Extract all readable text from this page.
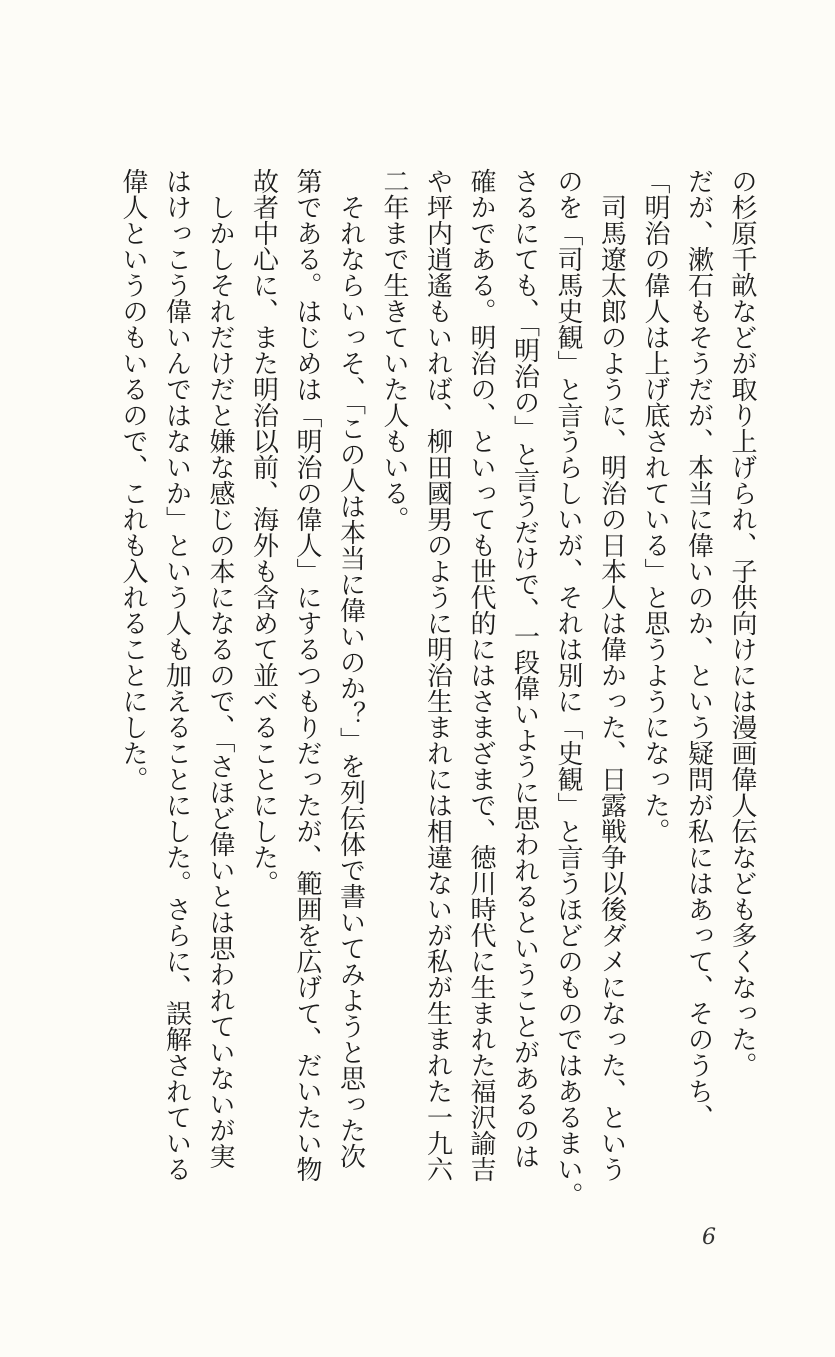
の杉原千畝などが取り上げられ、子供向けには漫画偉人伝なども多くなった。
だが、漱石もそうだが、本当に偉いのか、という疑問が私にはあって、そのうち、
「明治の偉人は上げ底されている」と思うようになった。
　司馬遼太郎のように、明治の日本人は偉かった、日露戦争以後ダメになった、という
のを「司馬史観」と言うらしいが、それは別に「史観」と言うほどのものではあるまい。
さるにても、「明治の」と言うだけで、一段偉いように思われるということがあるのは
確かである。明治の、といっても世代的にはさまざまで、徳川時代に生まれた福沢諭吉
や坪内逍遙もいれば、柳田國男のように明治生まれには相違ないが私が生まれた一九六
二年まで生きていた人もいる。
　それならいっそ、「この人は本当に偉いのか？」を列伝体で書いてみようと思った次
第である。はじめは「明治の偉人」にするつもりだったが、範囲を広げて、だいたい物
故者中心に、また明治以前、海外も含めて並べることにした。
　しかしそれだけだと嫌な感じの本になるので、「さほど偉いとは思われていないが実
はけっこう偉いんではないか」という人も加えることにした。さらに、誤解されている
偉人というのもいるので、これも入れることにした。
6
